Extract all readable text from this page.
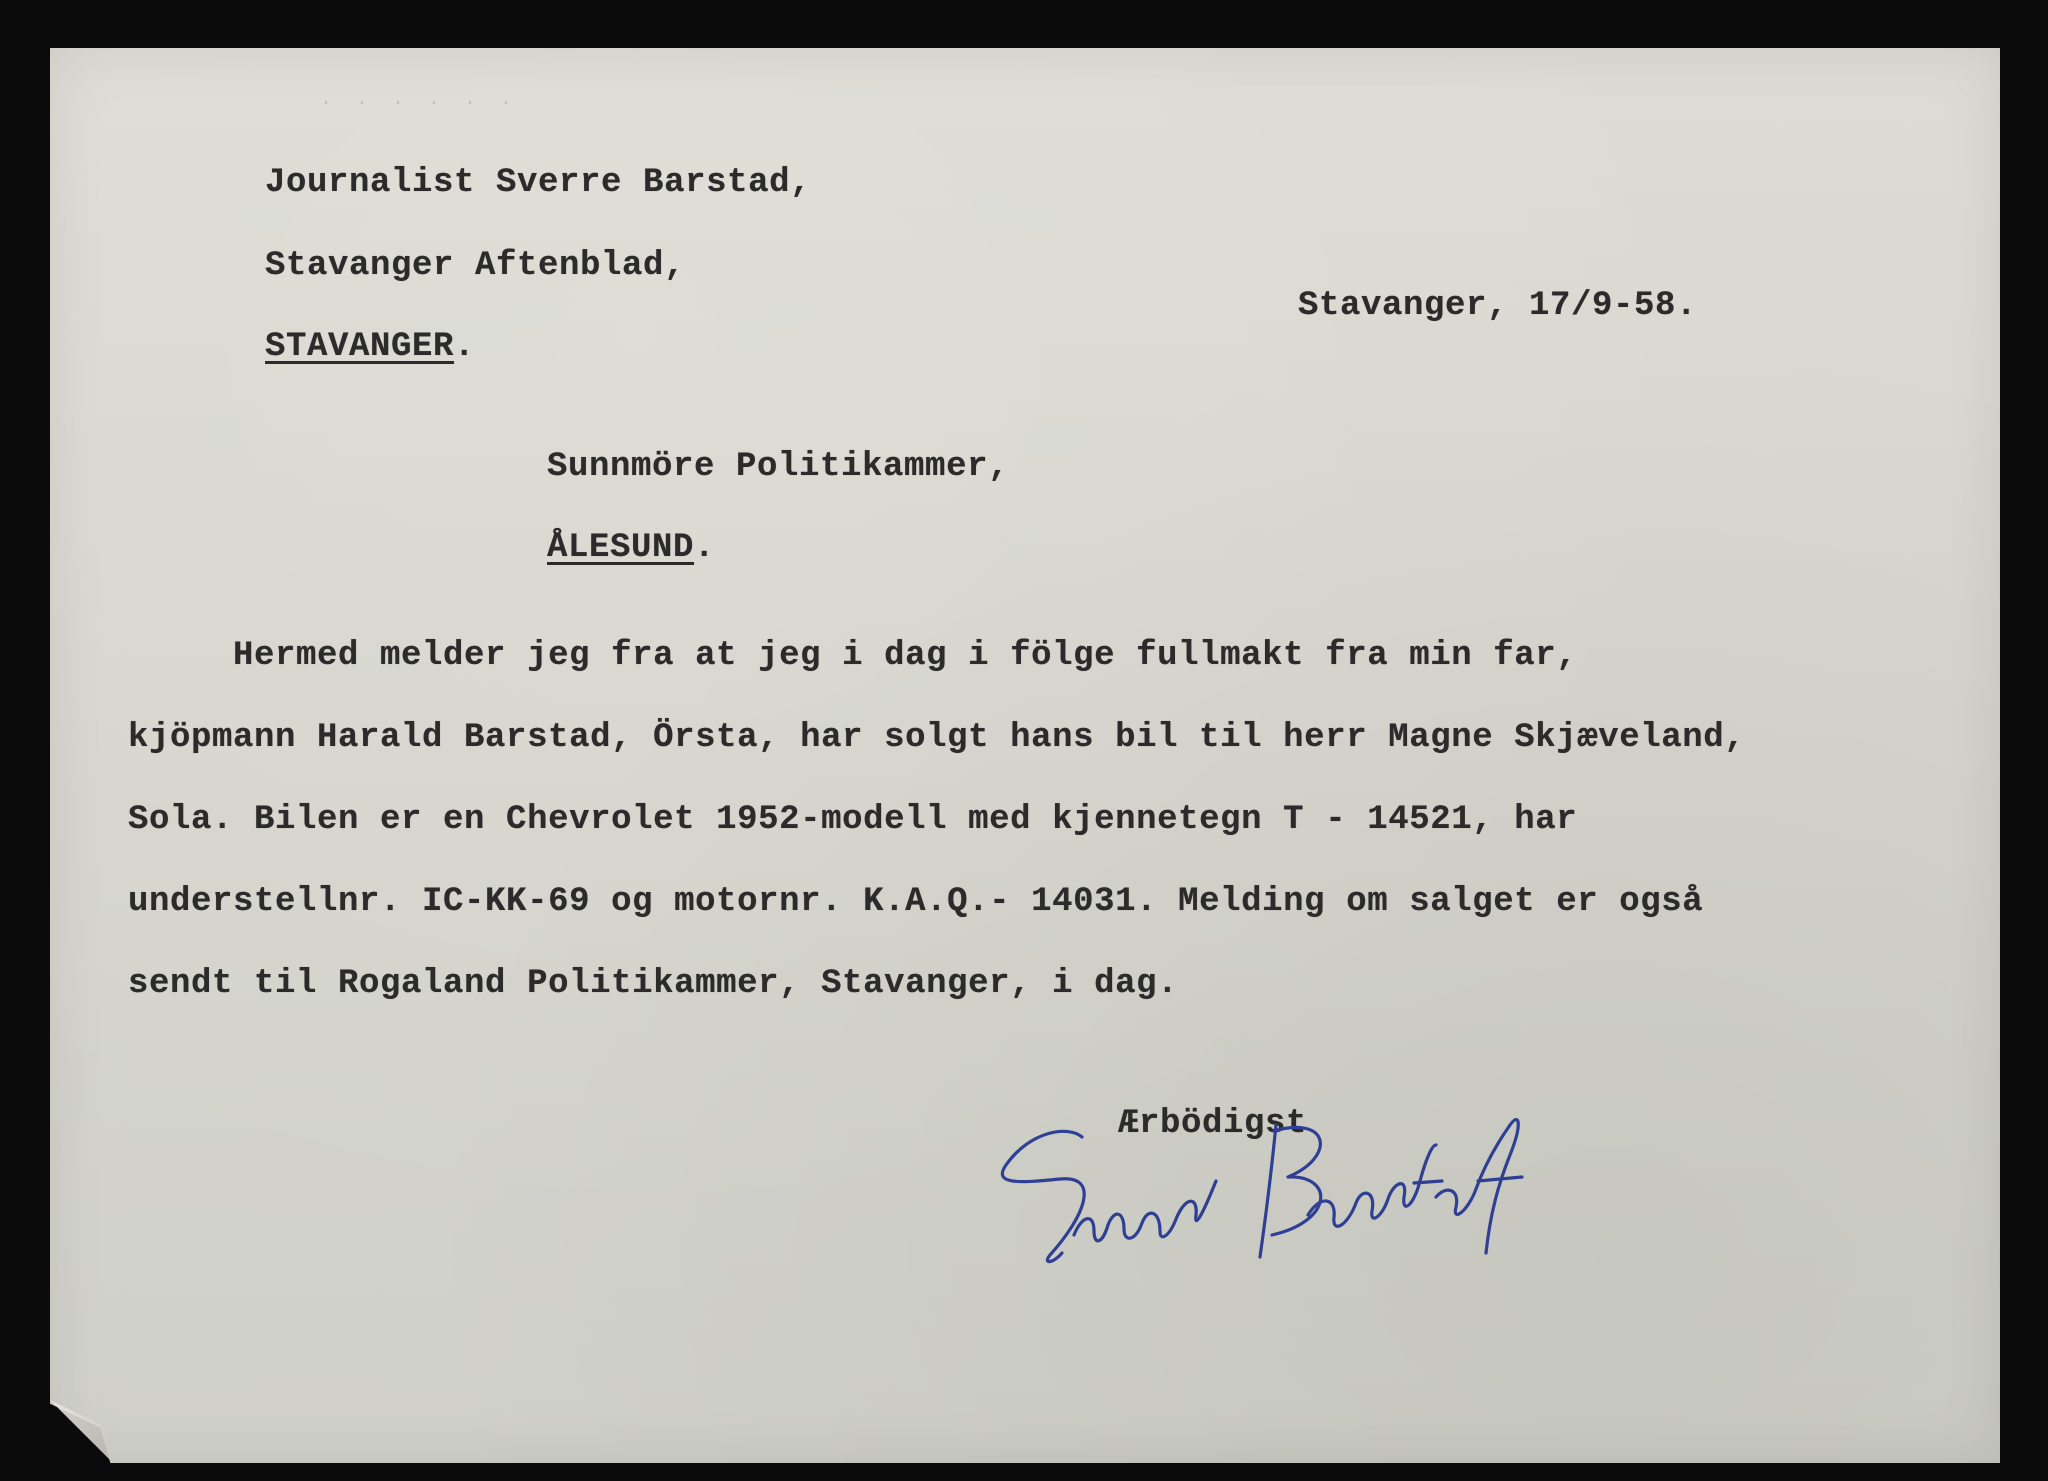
· · · · · ·

Journalist Sverre Barstad,

Stavanger Aftenblad,

STAVANGER.

Stavanger, 17/9-58.

Sunnmöre Politikammer,

ÅLESUND.

Hermed melder jeg fra at jeg i dag i fölge fullmakt fra min far,

kjöpmann Harald Barstad, Örsta, har solgt hans bil til herr Magne Skjæveland,

Sola. Bilen er en Chevrolet 1952-modell med kjennetegn T - 14521, har

understellnr. IC-KK-69 og motornr. K.A.Q.- 14031. Melding om salget er også

sendt til Rogaland Politikammer, Stavanger, i dag.

Ærbödigst
